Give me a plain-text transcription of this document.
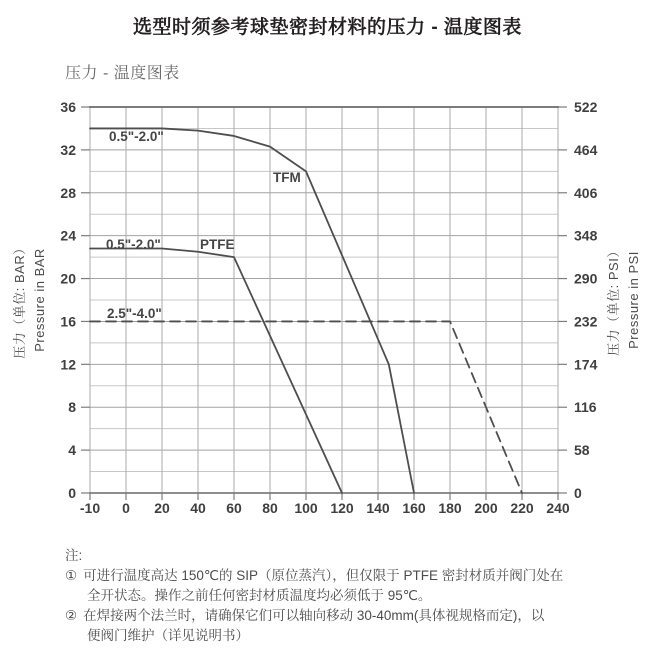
选型时须参考球垫密封材料的压力 - 温度图表
压力 - 温度图表
36
32
28
24
20
16
12
8
4
0
522
464
406
348
290
232
174
116
58
0
-10 0 20 40 60 80 100 120 140 160 180 200 220 240
压力（单位: BAR） Pressure in BAR	压力（单位: PSI） Pressure in PSI
0.5"-2.0"
TFM
0.5"-2.0"	PTFE
2.5"-4.0"
注:
① 可进行温度高达 150℃的 SIP（原位蒸汽），但仅限于 PTFE 密封材质并阀门处在
全开状态。操作之前任何密封材质温度均必须低于 95℃。
② 在焊接两个法兰时，请确保它们可以轴向移动 30-40mm(具体视规格而定)，以
便阀门维护（详见说明书）
